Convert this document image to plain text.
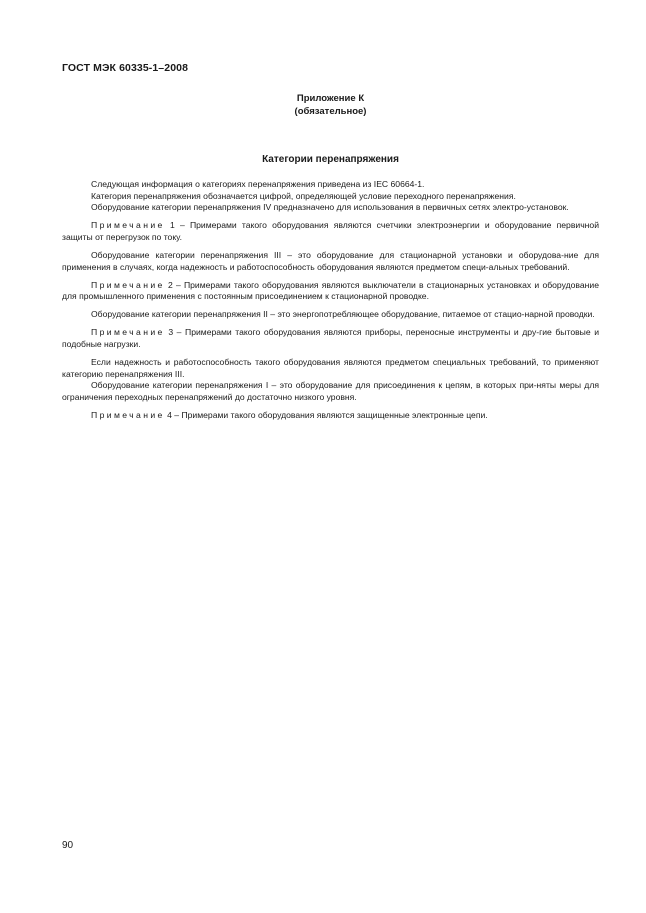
ГОСТ МЭК 60335-1–2008
Приложение К
(обязательное)
Категории перенапряжения

Следующая информация о категориях перенапряжения приведена из IEC 60664-1.

Категория перенапряжения обозначается цифрой, определяющей условие переходного перенапряжения.

Оборудование категории перенапряжения IV предназначено для использования в первичных сетях электро-установок.

Примечание 1 – Примерами такого оборудования являются счетчики электроэнергии и оборудование первичной защиты от перегрузок по току.

Оборудование категории перенапряжения III – это оборудование для стационарной установки и оборудова-ние для применения в случаях, когда надежность и работоспособность оборудования являются предметом специ-альных требований.

Примечание 2 – Примерами такого оборудования являются выключатели в стационарных установках и оборудование для промышленного применения с постоянным присоединением к стационарной проводке.

Оборудование категории перенапряжения II – это энергопотребляющее оборудование, питаемое от стацио-нарной проводки.

Примечание 3 – Примерами такого оборудования являются приборы, переносные инструменты и дру-гие бытовые и подобные нагрузки.

Если надежность и работоспособность такого оборудования являются предметом специальных требований, то применяют категорию перенапряжения III.

Оборудование категории перенапряжения I – это оборудование для присоединения к цепям, в которых при-няты меры для ограничения переходных перенапряжений до достаточно низкого уровня.

Примечание 4 – Примерами такого оборудования являются защищенные электронные цепи.

90
